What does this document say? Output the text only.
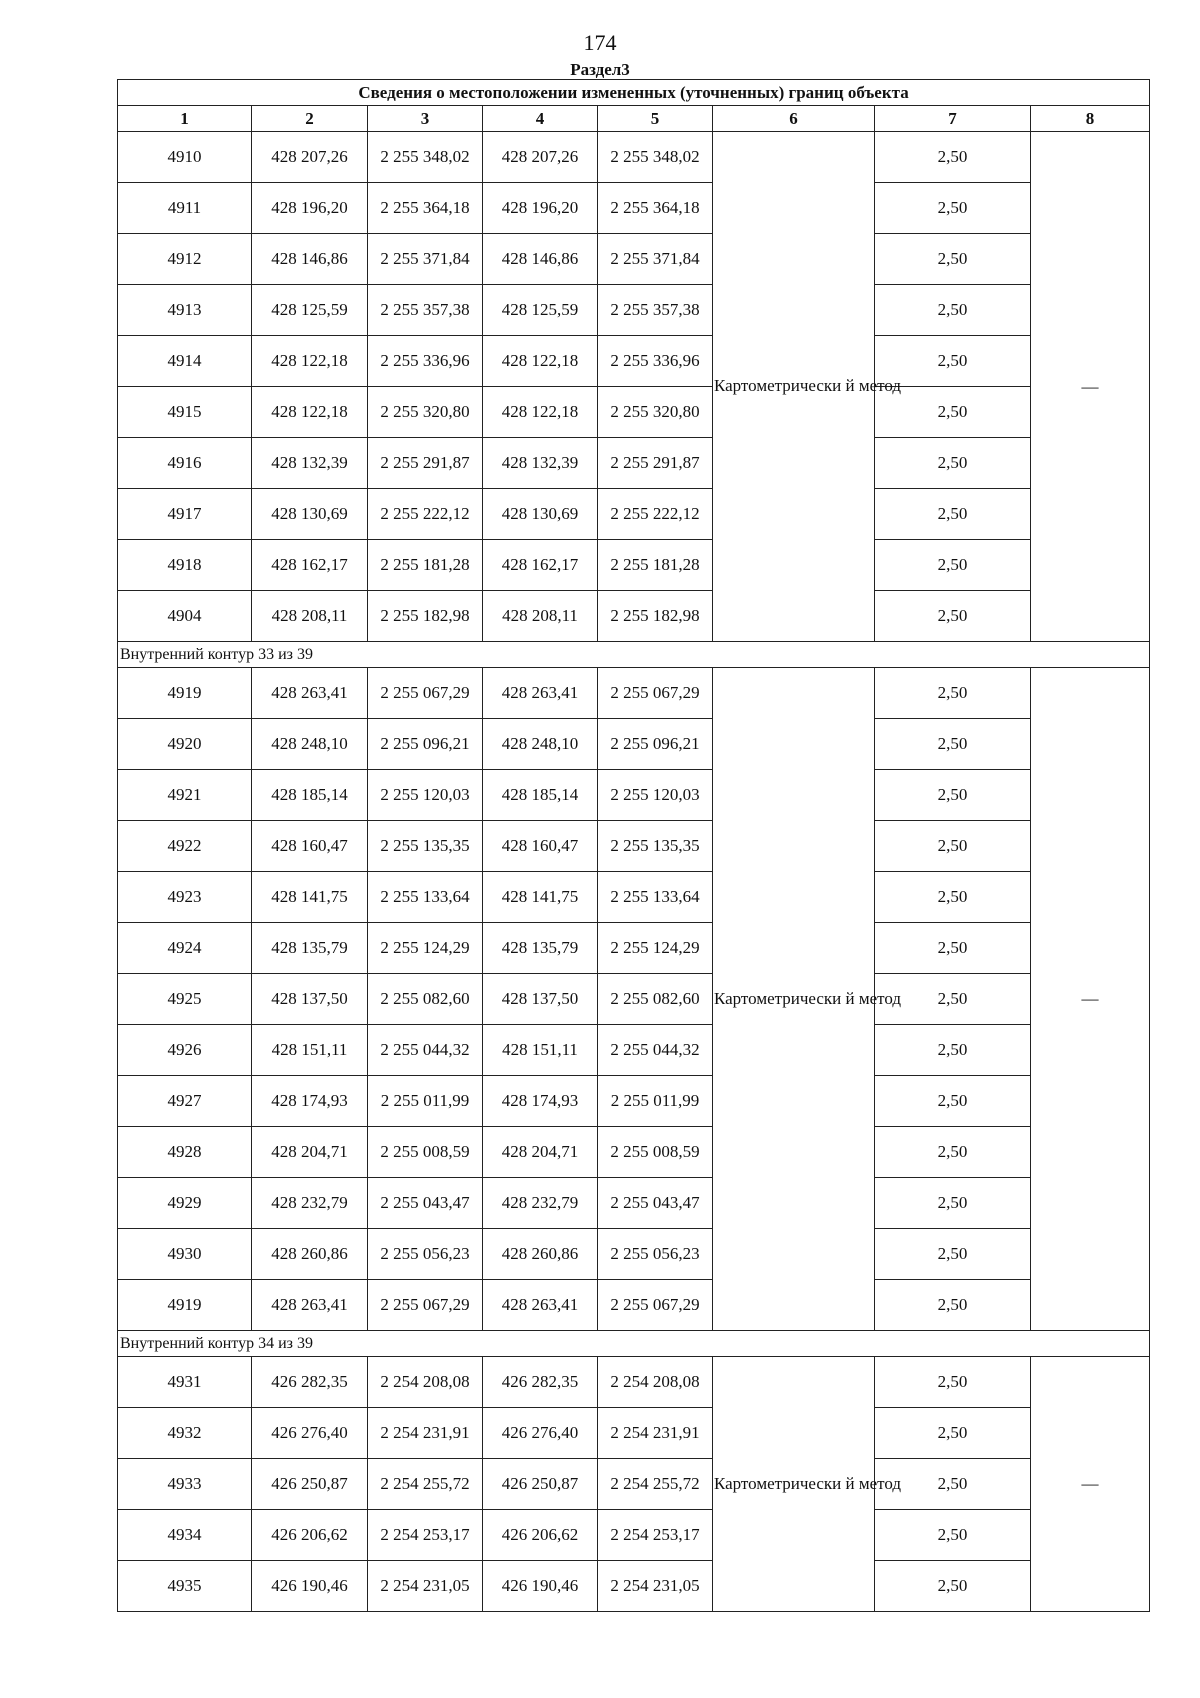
174
Раздел3
Сведения о местоположении измененных (уточненных) границ объекта							
1	2	3	4	5	6	7	8
4910	428 207,26	2 255 348,02	428 207,26	2 255 348,02	Картометрически й метод	2,50	—
4911	428 196,20	2 255 364,18	428 196,20	2 255 364,18		2,50	
4912	428 146,86	2 255 371,84	428 146,86	2 255 371,84		2,50	
4913	428 125,59	2 255 357,38	428 125,59	2 255 357,38		2,50	
4914	428 122,18	2 255 336,96	428 122,18	2 255 336,96		2,50	
4915	428 122,18	2 255 320,80	428 122,18	2 255 320,80		2,50	
4916	428 132,39	2 255 291,87	428 132,39	2 255 291,87		2,50	
4917	428 130,69	2 255 222,12	428 130,69	2 255 222,12		2,50	
4918	428 162,17	2 255 181,28	428 162,17	2 255 181,28		2,50	
4904	428 208,11	2 255 182,98	428 208,11	2 255 182,98		2,50	
Внутренний контур 33 из 39							
4919	428 263,41	2 255 067,29	428 263,41	2 255 067,29	Картометрически й метод	2,50	—
4920	428 248,10	2 255 096,21	428 248,10	2 255 096,21		2,50	
4921	428 185,14	2 255 120,03	428 185,14	2 255 120,03		2,50	
4922	428 160,47	2 255 135,35	428 160,47	2 255 135,35		2,50	
4923	428 141,75	2 255 133,64	428 141,75	2 255 133,64		2,50	
4924	428 135,79	2 255 124,29	428 135,79	2 255 124,29		2,50	
4925	428 137,50	2 255 082,60	428 137,50	2 255 082,60		2,50	
4926	428 151,11	2 255 044,32	428 151,11	2 255 044,32		2,50	
4927	428 174,93	2 255 011,99	428 174,93	2 255 011,99		2,50	
4928	428 204,71	2 255 008,59	428 204,71	2 255 008,59		2,50	
4929	428 232,79	2 255 043,47	428 232,79	2 255 043,47		2,50	
4930	428 260,86	2 255 056,23	428 260,86	2 255 056,23		2,50	
4919	428 263,41	2 255 067,29	428 263,41	2 255 067,29		2,50	
Внутренний контур 34 из 39							
4931	426 282,35	2 254 208,08	426 282,35	2 254 208,08	Картометрически й метод	2,50	—
4932	426 276,40	2 254 231,91	426 276,40	2 254 231,91		2,50	
4933	426 250,87	2 254 255,72	426 250,87	2 254 255,72		2,50	
4934	426 206,62	2 254 253,17	426 206,62	2 254 253,17		2,50	
4935	426 190,46	2 254 231,05	426 190,46	2 254 231,05		2,50	
